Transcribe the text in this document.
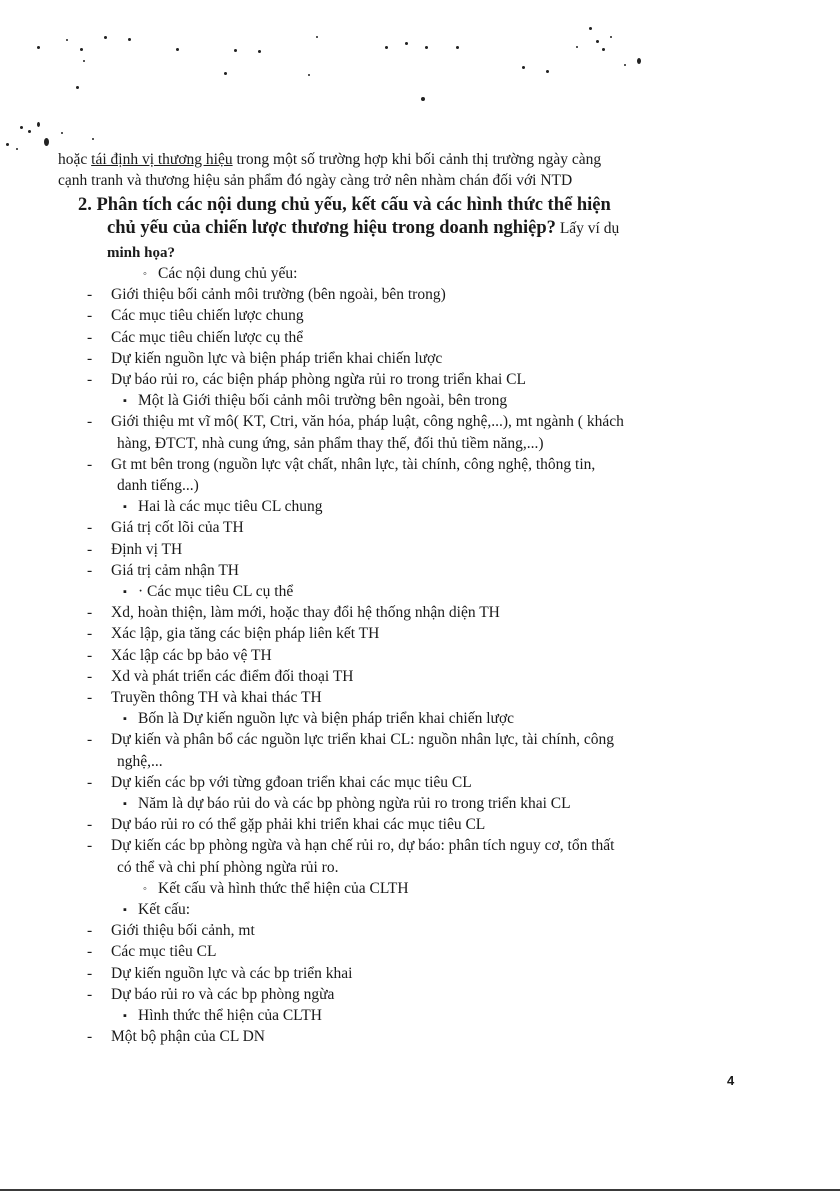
hoặc tái định vị thương hiệu trong một số trường hợp khi bối cảnh thị trường ngày càng
cạnh tranh và thương hiệu sản phẩm đó ngày càng trở nên nhàm chán đối với NTD
2. Phân tích các nội dung chủ yếu, kết cấu và các hình thức thể hiện
chủ yếu của chiến lược thương hiệu trong doanh nghiệp? Lấy ví dụ
minh họa?
◦ Các nội dung chủ yếu:
- Giới thiệu bối cảnh môi trường (bên ngoài, bên trong)
- Các mục tiêu chiến lược chung
- Các mục tiêu chiến lược cụ thể
- Dự kiến nguồn lực và biện pháp triển khai chiến lược
- Dự báo rủi ro, các biện pháp phòng ngừa rủi ro trong triển khai CL
▪ Một là Giới thiệu bối cảnh môi trường bên ngoài, bên trong
- Giới thiệu mt vĩ mô( KT, Ctri, văn hóa, pháp luật, công nghệ,...), mt ngành ( khách
hàng, ĐTCT, nhà cung ứng, sản phẩm thay thế, đối thủ tiềm năng,...)
- Gt mt bên trong (nguồn lực vật chất, nhân lực, tài chính, công nghệ, thông tin,
danh tiếng...)
▪ Hai là các mục tiêu CL chung
- Giá trị cốt lõi của TH
- Định vị TH
- Giá trị cảm nhận TH
▪ · Các mục tiêu CL cụ thể
- Xd, hoàn thiện, làm mới, hoặc thay đổi hệ thống nhận diện TH
- Xác lập, gia tăng các biện pháp liên kết TH
- Xác lập các bp bảo vệ TH
- Xd và phát triển các điểm đối thoại TH
- Truyền thông TH và khai thác TH
▪ Bốn là Dự kiến nguồn lực và biện pháp triển khai chiến lược
- Dự kiến và phân bổ các nguồn lực triển khai CL: nguồn nhân lực, tài chính, công
nghệ,...
- Dự kiến các bp với từng gđoan triển khai các mục tiêu CL
▪ Năm là dự báo rủi do và các bp phòng ngừa rủi ro trong triển khai CL
- Dự báo rủi ro có thể gặp phải khi triển khai các mục tiêu CL
- Dự kiến các bp phòng ngừa và hạn chế rủi ro, dự báo: phân tích nguy cơ, tổn thất
có thể và chi phí phòng ngừa rủi ro.
◦ Kết cấu và hình thức thể hiện của CLTH
▪ Kết cấu:
- Giới thiệu bối cảnh, mt
- Các mục tiêu CL
- Dự kiến nguồn lực và các bp triển khai
- Dự báo rủi ro và các bp phòng ngừa
▪ Hình thức thể hiện của CLTH
- Một bộ phận của CL DN
4
